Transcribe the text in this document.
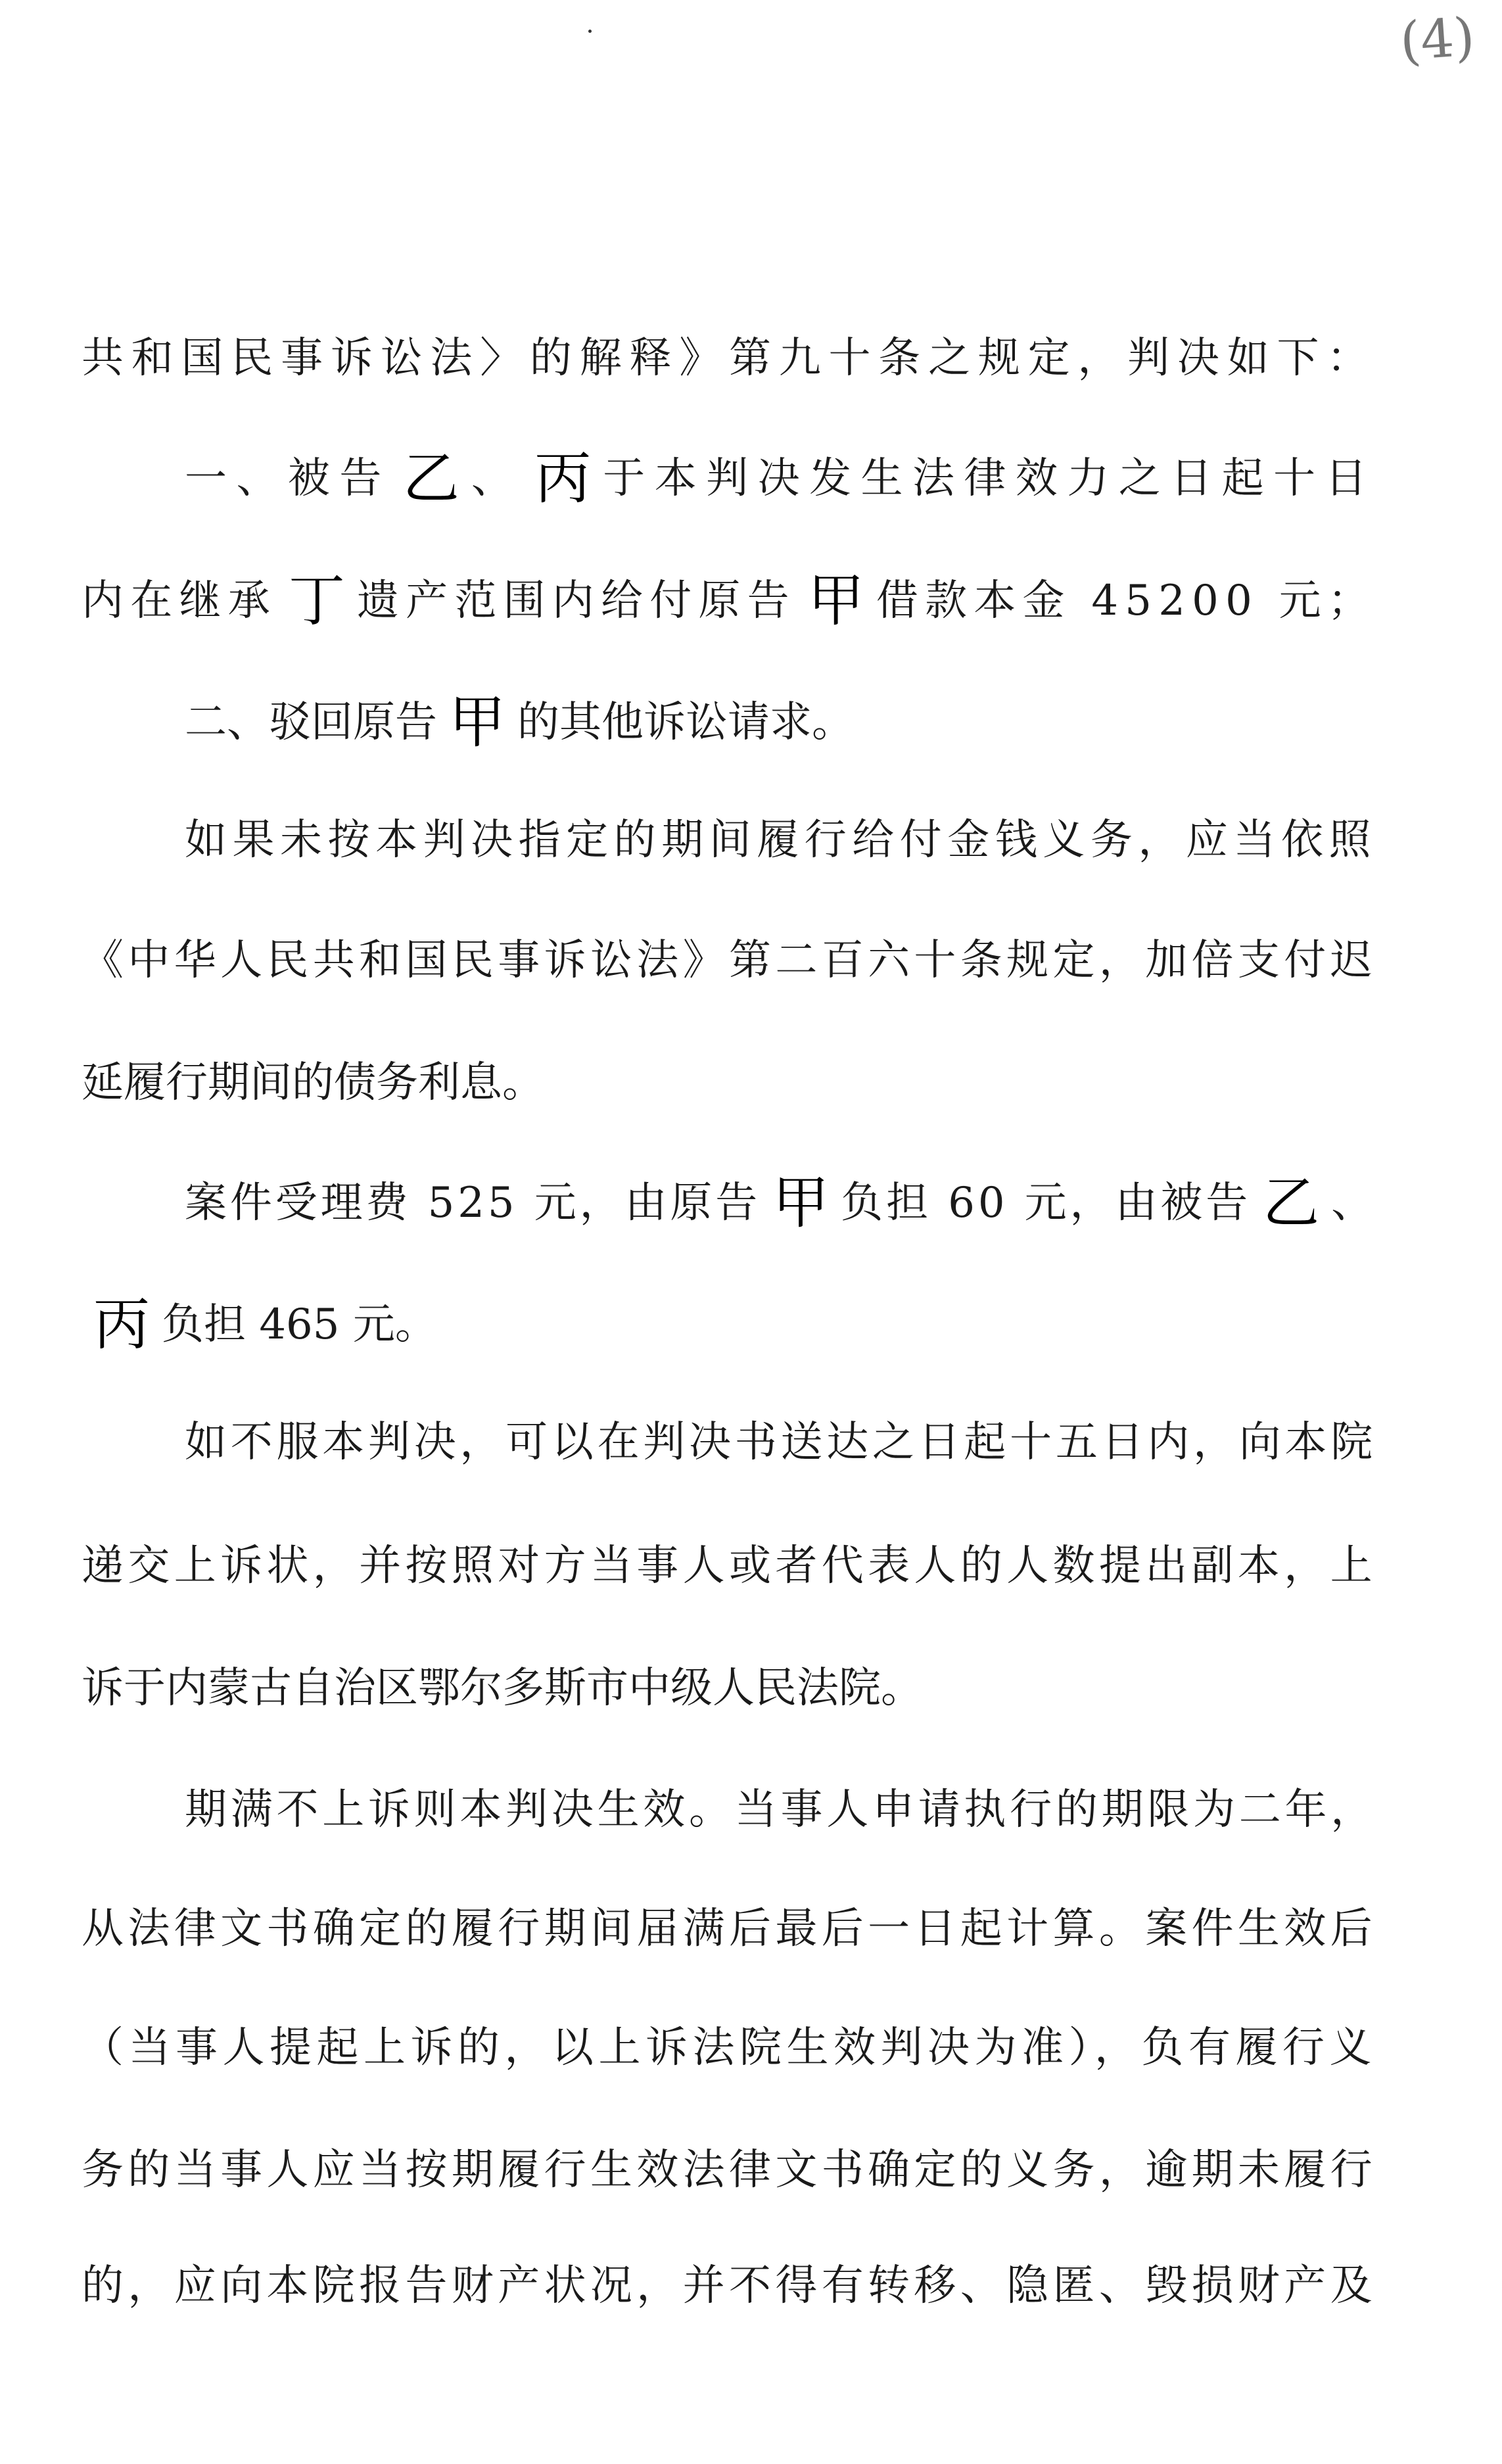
(4)
共和国民事诉讼法〉的解释》第九十条之规定，判决如下：
一、被告 乙 、 丙 于本判决发生法律效力之日起十日
内在继承 丁 遗产范围内给付原告 甲 借款本金 45200 元；
二、驳回原告 甲 的其他诉讼请求。
如果未按本判决指定的期间履行给付金钱义务，应当依照
《中华人民共和国民事诉讼法》第二百六十条规定，加倍支付迟
延履行期间的债务利息。
案件受理费 525 元，由原告 甲 负担 60 元，由被告 乙 、
丙 负担 465 元。
如不服本判决，可以在判决书送达之日起十五日内，向本院
递交上诉状，并按照对方当事人或者代表人的人数提出副本，上
诉于内蒙古自治区鄂尔多斯市中级人民法院。
期满不上诉则本判决生效。当事人申请执行的期限为二年，
从法律文书确定的履行期间届满后最后一日起计算。案件生效后
（当事人提起上诉的，以上诉法院生效判决为准），负有履行义
务的当事人应当按期履行生效法律文书确定的义务，逾期未履行
的，应向本院报告财产状况，并不得有转移、隐匿、毁损财产及
